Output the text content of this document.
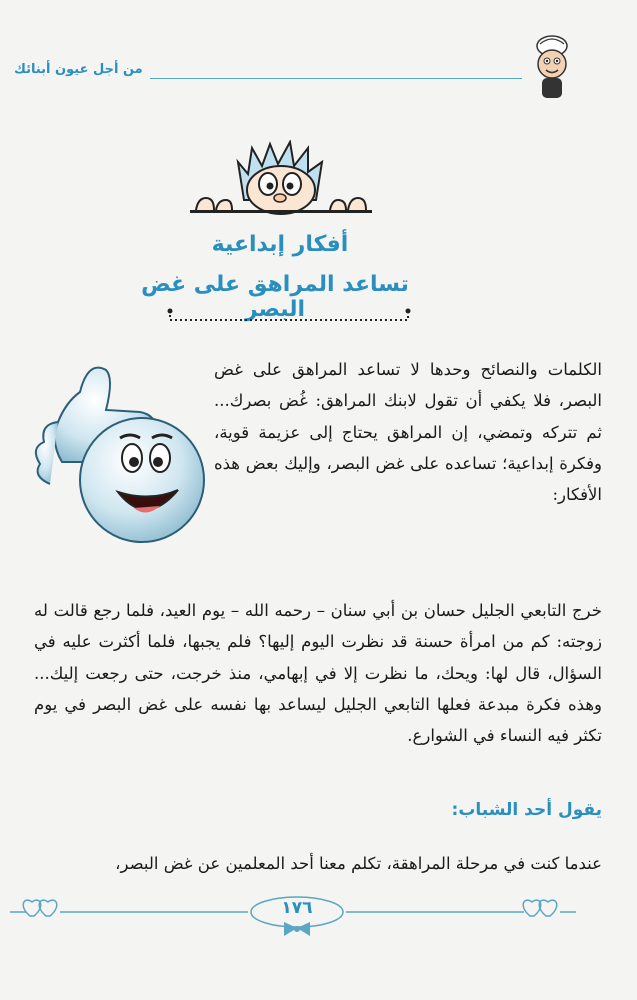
من أجل عيون أبنائك
أفكار إبداعية
تساعد المراهق على غض البصر
الكلمات والنصائح وحدها لا تساعد المراهق على غض البصر، فلا يكفي أن تقول لابنك المراهق: غُض بصرك... ثم تتركه وتمضي، إن المراهق يحتاج إلى عزيمة قوية، وفكرة إبداعية؛ تساعده على غض البصر، وإليك بعض هذه الأفكار:
خرج التابعي الجليل حسان بن أبي سنان – رحمه الله – يوم العيد، فلما رجع قالت له زوجته: كم من امرأة حسنة قد نظرت اليوم إليها؟ فلم يجبها، فلما أكثرت عليه في السؤال، قال لها: ويحك، ما نظرت إلا في إبهامي، منذ خرجت، حتى رجعت إليك... وهذه فكرة مبدعة فعلها التابعي الجليل ليساعد بها نفسه على غض البصر في يوم تكثر فيه النساء في الشوارع.
يقول أحد الشباب:
عندما كنت في مرحلة المراهقة، تكلم معنا أحد المعلمين عن غض البصر،
١٧٦
